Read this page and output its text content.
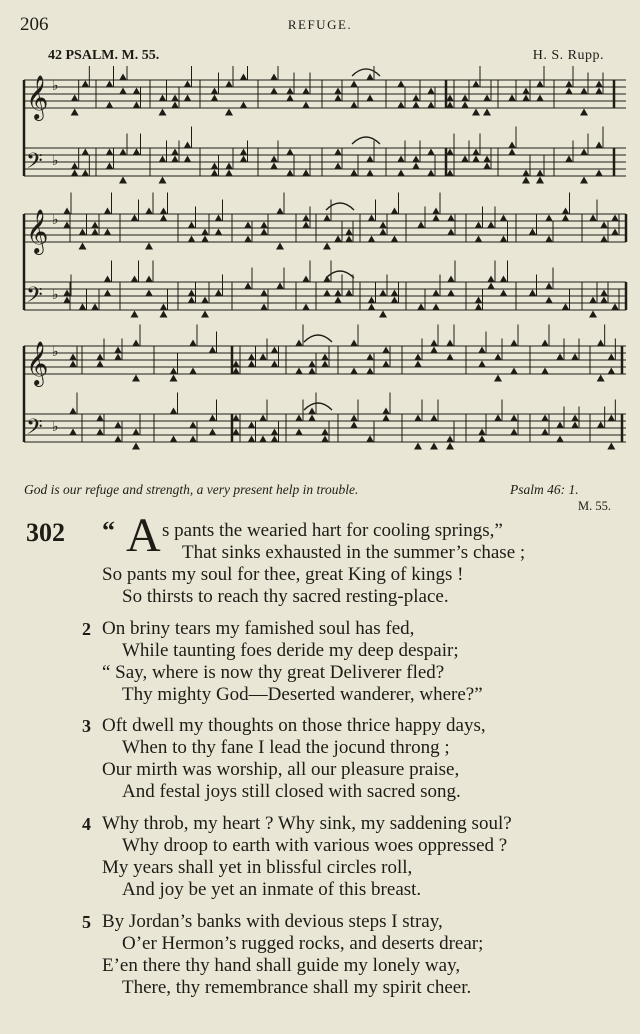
206	REFUGE.
42 PSALM. M. 55.	H. S. Rupp.
𝄞 ♭
𝄢 ♭
𝄞 ♭
𝄢 ♭
𝄞 ♭
𝄢 ♭
God is our refuge and strength, a very present help in trouble.	Psalm 46: 1.
M. 55.
302 “ A s pants the wearied hart for cooling springs,”
That sinks exhausted in the summer’s chase ;
So pants my soul for thee, great King of kings !
So thirsts to reach thy sacred resting-place.
2 On briny tears my famished soul has fed,
While taunting foes deride my deep despair;
“ Say, where is now thy great Deliverer fled?
Thy mighty God—Deserted wanderer, where?”
3 Oft dwell my thoughts on those thrice happy days,
When to thy fane I lead the jocund throng ;
Our mirth was worship, all our pleasure praise,
And festal joys still closed with sacred song.
4 Why throb, my heart ? Why sink, my saddening soul?
Why droop to earth with various woes oppressed ?
My years shall yet in blissful circles roll,
And joy be yet an inmate of this breast.
5 By Jordan’s banks with devious steps I stray,
O’er Hermon’s rugged rocks, and deserts drear;
E’en there thy hand shall guide my lonely way,
There, thy remembrance shall my spirit cheer.
